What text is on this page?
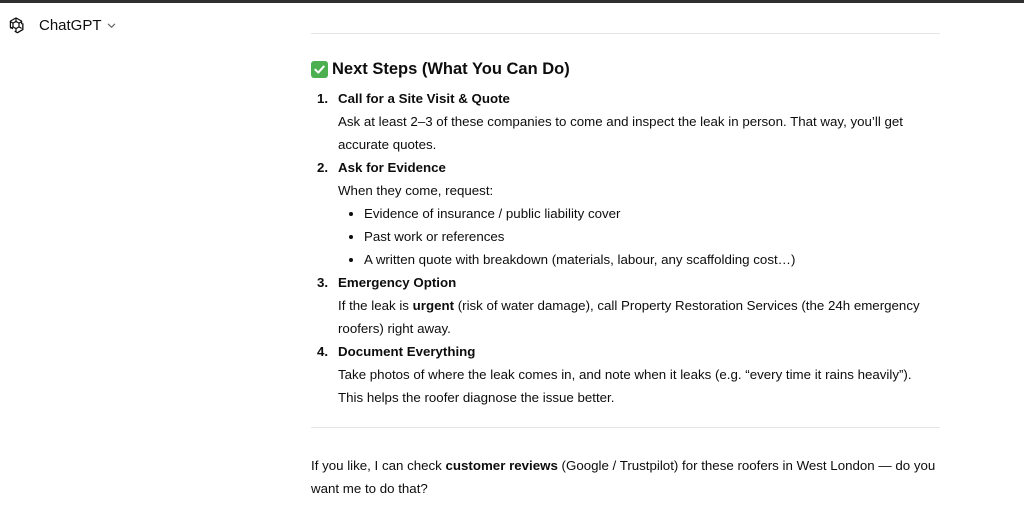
ChatGPT
Next Steps (What You Can Do)
1. Call for a Site Visit & Quote

Ask at least 2–3 of these companies to come and inspect the leak in person. That way, you’ll get accurate quotes.

2. Ask for Evidence

When they come, request:

Evidence of insurance / public liability cover
Past work or references
A written quote with breakdown (materials, labour, any scaffolding cost…)
3. Emergency Option

If the leak is urgent (risk of water damage), call Property Restoration Services (the 24h emergency roofers) right away.

4. Document Everything

Take photos of where the leak comes in, and note when it leaks (e.g. “every time it rains heavily”). This helps the roofer diagnose the issue better.

If you like, I can check customer reviews (Google / Trustpilot) for these roofers in West London — do you want me to do that?
